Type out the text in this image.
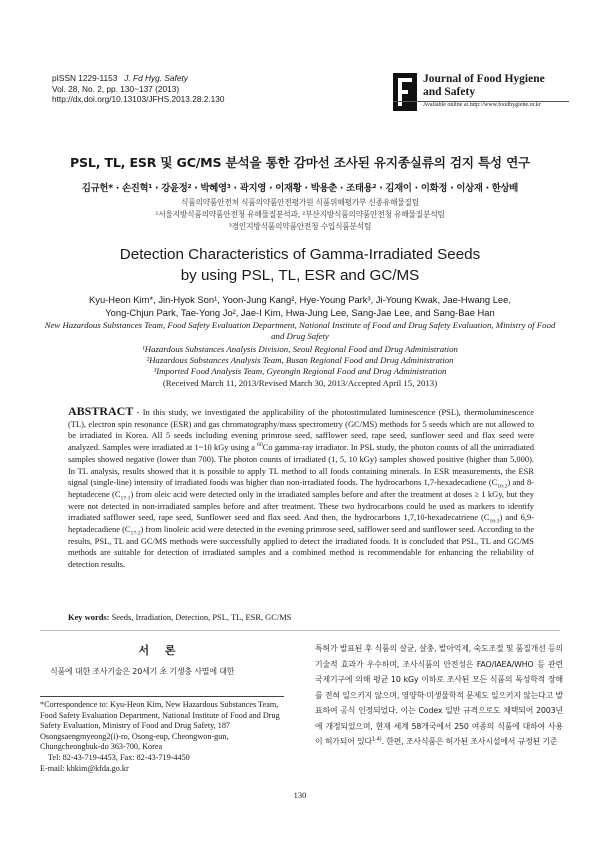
pISSN 1229-1153 J. Fd Hyg. Safety
Vol. 28, No. 2, pp. 130~137 (2013)
http://dx.doi.org/10.13103/JFHS.2013.28.2.130
Journal of Food Hygiene
and Safety
Available online at http://www.foodhygiene.or.kr
PSL, TL, ESR 및 GC/MS 분석을 통한 감마선 조사된 유지종실류의 검지 특성 연구
김규헌* · 손진혁¹ · 강윤정² · 박혜영³ · 곽지영 · 이재황 · 박용춘 · 조태용² · 김재이 · 이화정 · 이상재 · 한상배
식품의약품안전처 식품의약품안전평가원 식품위해평가부 신종유해물질팀
¹서울지방식품의약품안전청 유해물질분석과, ²부산지방식품의약품안전청 유해물질분석팀
³경인지방식품의약품안전청 수입식품분석팀
Detection Characteristics of Gamma-Irradiated Seeds
by using PSL, TL, ESR and GC/MS
Kyu-Heon Kim*, Jin-Hyok Son¹, Yoon-Jung Kang², Hye-Young Park³, Ji-Young Kwak, Jae-Hwang Lee,
Yong-Chjun Park, Tae-Yong Jo², Jae-I Kim, Hwa-Jung Lee, Sang-Jae Lee, and Sang-Bae Han
New Hazardous Substances Team, Food Safety Evaluation Department, National Institute of Food and Drug Safety Evaluation, Ministry of Food and Drug Safety
¹Hazardous Substances Analysis Division, Seoul Regional Food and Drug Administration
²Hazardous Substances Analysis Team, Busan Regional Food and Drug Administration
³Imported Food Analysis Team, Gyeongin Regional Food and Drug Administration
(Received March 11, 2013/Revised March 30, 2013/Accepted April 15, 2013)
ABSTRACT - In this study, we investigated the applicability of the photostimulated luminescence (PSL), thermoluminescence (TL), electron spin resonance (ESR) and gas chromatography/mass spectrometry (GC/MS) methods for 5 seeds which are not allowed to be irradiated in Korea. All 5 seeds including evening primrose seed, safflower seed, rape seed, sunflower seed and flax seed were analyzed. Samples were irradiated at 1~10 kGy using a $^{60}$Co gamma-ray irradiator. In PSL study, the photon counts of all the unirradiated samples showed negative (lower than 700). The photon counts of irradiated (1, 5, 10 kGy) samples showed positive (higher than 5,000). In TL analysis, results showed that it is possible to apply TL method to all foods containing minerals. In ESR measurements, the ESR signal (single-line) intensity of irradiated foods was higher than non-irradiated foods. The hydrocarbons 1,7-hexadecadiene $(C_{16:2})$ and 8-heptadecene $(C_{17:1})$ from oleic acid were detected only in the irradiated samples before and after the treatment at doses ≥ 1 kGy, but they were not detected in non-irradiated samples before and after treatment. These two hydrocarbons could be used as markers to identify irradiated safflower seed, rape seed, Sunflower seed and flax seed. And then, the hydrocarbons 1,7,10-hexadecatriene $(C_{16:3})$ and 6,9-heptadecadiene $(C_{17:2})$ from linoleic acid were detected in the evening primrose seed, safflower seed and sunflower seed. According to the results, PSL, TL and GC/MS methods were successfully applied to detect the irradiated foods. It is concluded that PSL, TL and GC/MS methods are suitable for detection of irradiated samples and a combined method is recommendable for enhancing the reliability of detection results.
Key words: Seeds, Irradiation, Detection, PSL, TL, ESR, GC/MS
서 론
식품에 대한 조사기술은 20세기 초 기생충 사멸에 대한
특허가 발표된 후 식품의 살균, 살충, 발아억제, 숙도조절 및 품질개선 등의 기술적 효과가 우수하며, 조사식품의 안전성은 FAO/IAEA/WHO 등 관련 국제기구에 의해 평균 10 kGy 이하로 조사된 모든 식품의 독성학적 장해를 전혀 일으키지 않으며, 영양학·미생물학적 문제도 일으키지 않는다고 발표하여 공식 인정되었다. 이는 Codex 일반 규격으로도 채택되어 2003년에 개정되었으며, 현재 세계 58개국에서 250 여종의 식품에 대하여 사용이 허가되어 있다$^{1-4)}$. 한편, 조사식품은 허가된 조사시설에서 규정된 기준
*Correspondence to: Kyu-Heon Kim, New Hazardous Substances Team, Food Safety Evaluation Department, National Institute of Food and Drug Safety Evaluation, Ministry of Food and Drug Safety, 187 Osongsaengmyeong2(i)-ro, Osong-eup, Cheongwon-gun, Chungcheongbuk-do 363-700, Korea
Tel: 82-43-719-4453, Fax: 82-43-719-4450
E-mail: khkim@kfda.go.kr
130
